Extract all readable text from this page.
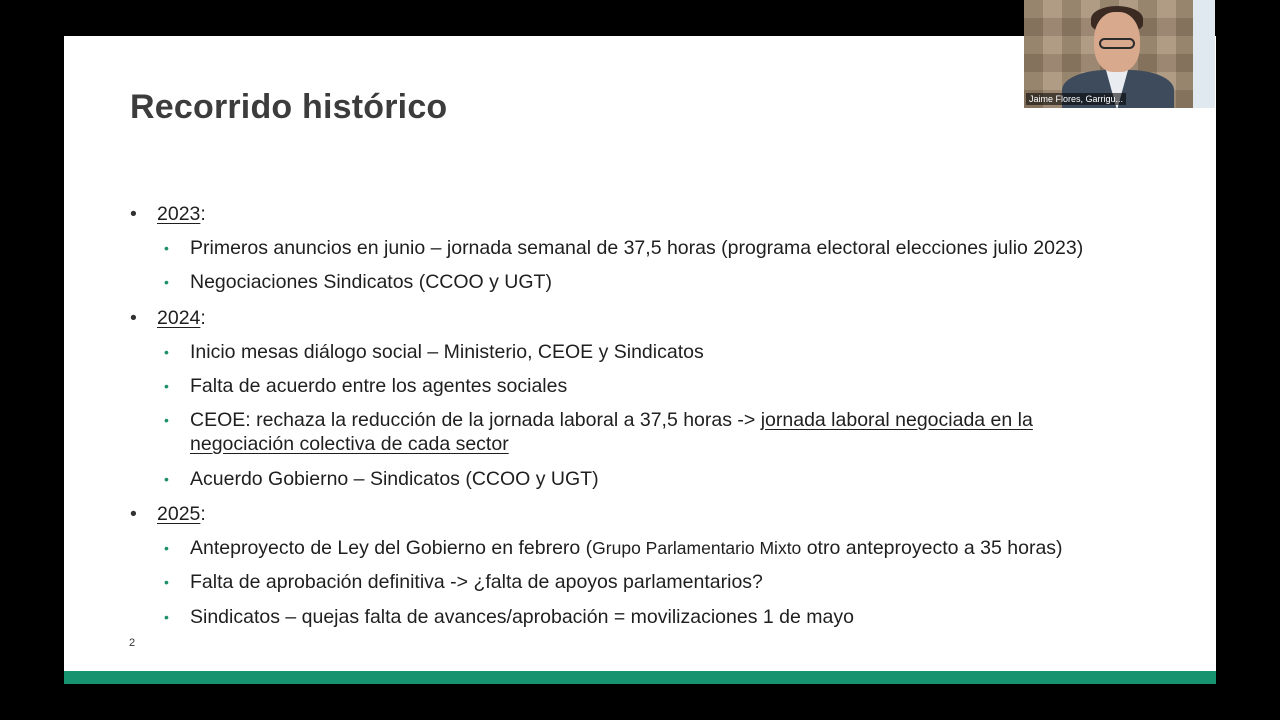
Recorrido histórico
• 2023:
• Primeros anuncios en junio – jornada semanal de 37,5 horas (programa electoral elecciones julio 2023)
• Negociaciones Sindicatos (CCOO y UGT)
• 2024:
• Inicio mesas diálogo social – Ministerio, CEOE y Sindicatos
• Falta de acuerdo entre los agentes sociales
• CEOE: rechaza la reducción de la jornada laboral a 37,5 horas -> jornada laboral negociada en la
negociación colectiva de cada sector
• Acuerdo Gobierno – Sindicatos (CCOO y UGT)
• 2025:
• Anteproyecto de Ley del Gobierno en febrero (Grupo Parlamentario Mixto otro anteproyecto a 35 horas)
• Falta de aprobación definitiva -> ¿falta de apoyos parlamentarios?
• Sindicatos – quejas falta de avances/aprobación = movilizaciones 1 de mayo
2
Jaime Flores, Garrigu...
